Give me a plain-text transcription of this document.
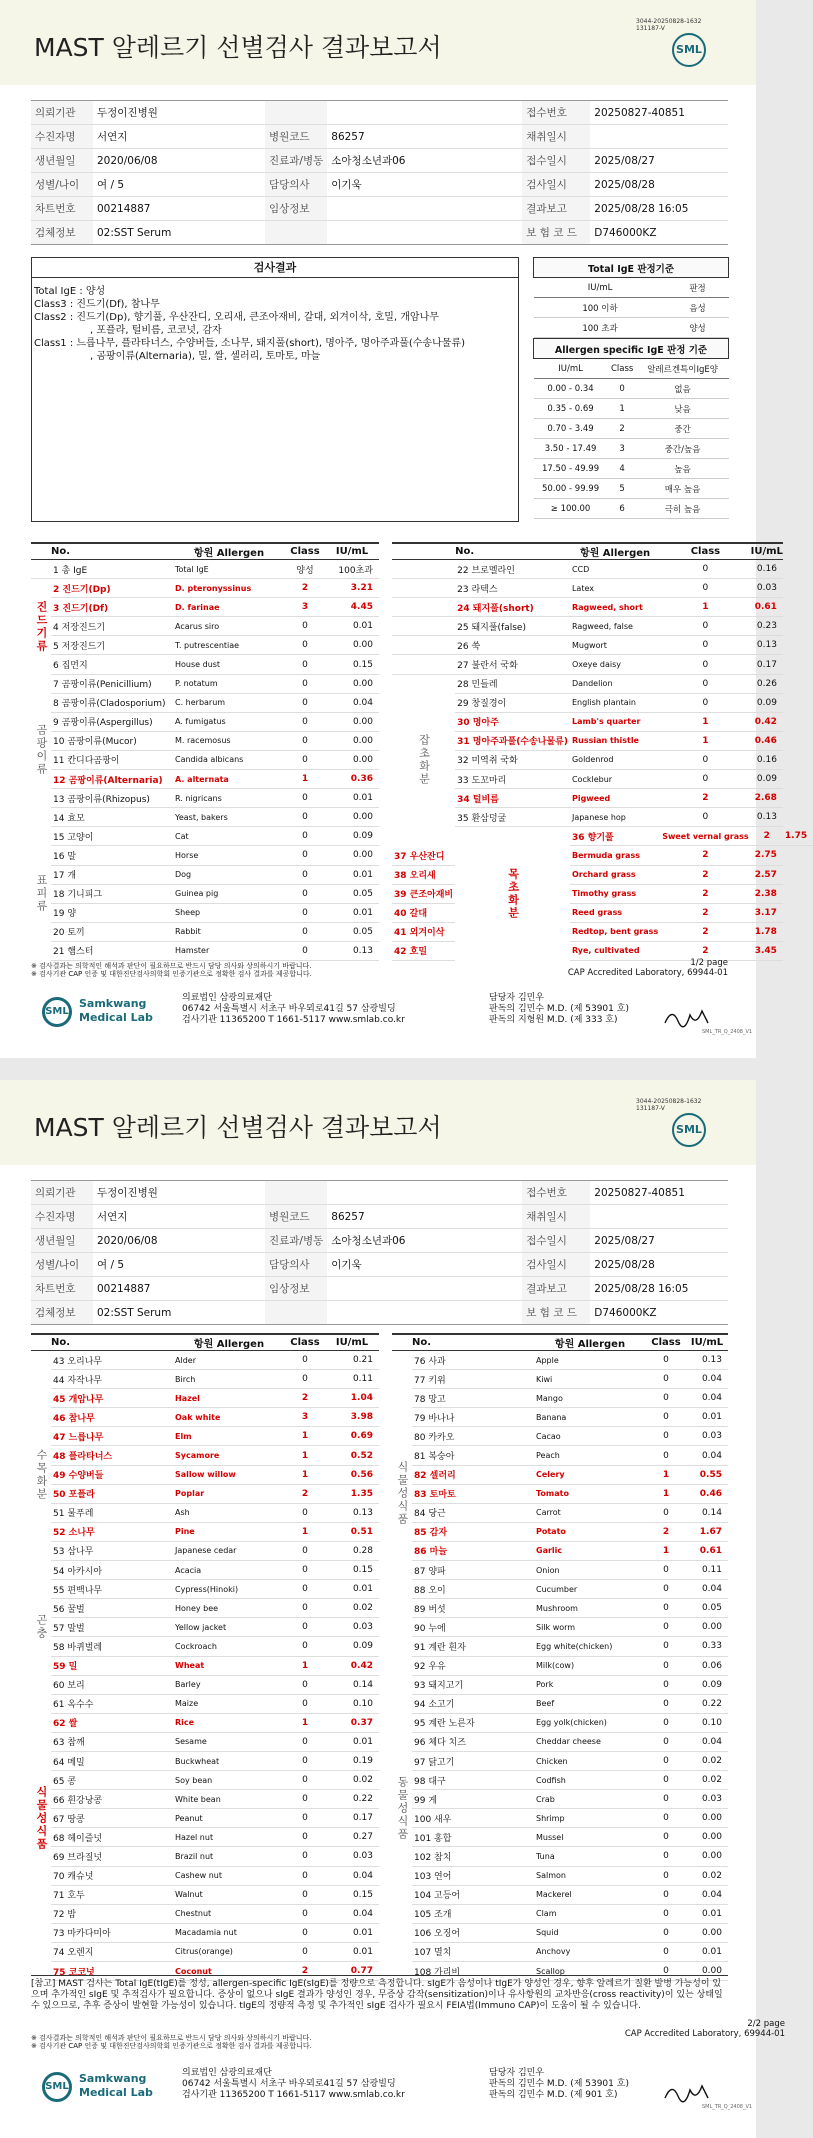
MAST 알레르기 선별검사 결과보고서
3044-20250828-1632
131187-V
SML
의뢰기관	두정이진병원			접수번호	20250827-40851
수진자명	서연지	병원코드	86257	채취일시	
생년월일	2020/06/08	진료과/병동	소아청소년과06	접수일시	2025/08/27
성별/나이	여 / 5	담당의사	이기욱	검사일시	2025/08/28
차트번호	00214887	임상정보		결과보고	2025/08/28 16:05
검체정보	02:SST Serum			보 험 코 드	D746000KZ
검사결과
Total IgE : 양성
Class3 : 진드기(Df), 참나무
Class2 : 진드기(Dp), 향기풀, 우산잔디, 오리새, 큰조아재비, 갈대, 외겨이삭, 호밀, 개암나무
, 포플라, 털비름, 코코넛, 감자
Class1 : 느릅나무, 플라타너스, 수양버들, 소나무, 돼지풀(short), 명아주, 명아주과풀(수송나물류)
, 곰팡이류(Alternaria), 밀, 쌀, 셀러리, 토마토, 마늘
Total IgE 판정기준	
IU/mL	판정
100 이하	음성
100 초과	양성
Allergen specific IgE 판정 기준		
IU/mL	Class	알레르겐특이IgE양
0.00 - 0.34	0	없음
0.35 - 0.69	1	낮음
0.70 - 3.49	2	중간
3.50 - 17.49	3	중간/높음
17.50 - 49.99	4	높음
50.00 - 99.99	5	매우 높음
≥ 100.00	6	극히 높음
	No.	항원 Allergen	Class	IU/mL
	1 총 IgE	Total IgE	양성	100초과
진드기류	2 진드기(Dp)	D. pteronyssinus	2	3.21
	3 진드기(Df)	D. farinae	3	4.45
	4 저장진드기	Acarus siro	0	0.01
	5 저장진드기	T. putrescentiae	0	0.00
	6 집먼지	House dust	0	0.15
곰팡이류	7 곰팡이류(Penicillium)	P. notatum	0	0.00
	8 곰팡이류(Cladosporium)	C. herbarum	0	0.04
	9 곰팡이류(Aspergillus)	A. fumigatus	0	0.00
	10 곰팡이류(Mucor)	M. racemosus	0	0.00
	11 칸디다곰팡이	Candida albicans	0	0.00
	12 곰팡이류(Alternaria)	A. alternata	1	0.36
	13 곰팡이류(Rhizopus)	R. nigricans	0	0.01
	14 효모	Yeast, bakers	0	0.00
표피류	15 고양이	Cat	0	0.09
	16 말	Horse	0	0.00
	17 개	Dog	0	0.01
	18 기니피그	Guinea pig	0	0.05
	19 양	Sheep	0	0.01
	20 토끼	Rabbit	0	0.05
	21 햄스터	Hamster	0	0.13
	No.	항원 Allergen	Class	IU/mL	
	22 브로멜라인	CCD	0	0.16	
	23 라텍스	Latex	0	0.03	
	24 돼지풀(short)	Ragweed, short	1	0.61	
	25 돼지풀(false)	Ragweed, false	0	0.23	
	26 쑥	Mugwort	0	0.13	
	27 불란서 국화	Oxeye daisy	0	0.17	
잡초화분	28 민들레	Dandelion	0	0.26	
	29 창질경이	English plantain	0	0.09	
	30 명아주	Lamb's quarter	1	0.42	
	31 명아주과풀(수송나물류)	Russian thistle	1	0.46	
	32 미역취 국화	Goldenrod	0	0.16	
	33 도꼬마리	Cocklebur	0	0.09	
	34 털비름	Pigweed	2	2.68	
	35 환삼덩굴	Japanese hop	0	0.13	
	목초화분	36 향기풀	Sweet vernal grass	2	1.75
37 우산잔디		Bermuda grass	2	2.75	
38 오리새		Orchard grass	2	2.57	
39 큰조아재비		Timothy grass	2	2.38	
40 갈대		Reed grass	2	3.17	
41 외겨이삭		Redtop, bent grass	2	1.78	
42 호밀		Rye, cultivated	2	3.45	
※ 검사결과는 의학적인 해석과 판단이 필요하므로 반드시 담당 의사와 상의하시기 바랍니다.
※ 검사기관 CAP 인증 및 대한진단검사의학회 인증기관으로 정확한 검사 결과를 제공합니다.
1/2 page
CAP Accredited Laboratory, 69944-01
SML
Samkwang
Medical Lab
의료법인 삼광의료재단
06742 서울특별시 서초구 바우뫼로41길 57 삼광빌딩
검사기관 11365200 T 1661-5117 www.smlab.co.kr
담당자 김민우
판독의 김민수 M.D. (제 53901 호)
판독의 지형원 M.D. (제 333 호)
SML_TR_Q_2408_V1
MAST 알레르기 선별검사 결과보고서
3044-20250828-1632
131187-V
SML
의뢰기관	두정이진병원			접수번호	20250827-40851
수진자명	서연지	병원코드	86257	채취일시	
생년월일	2020/06/08	진료과/병동	소아청소년과06	접수일시	2025/08/27
성별/나이	여 / 5	담당의사	이기욱	검사일시	2025/08/28
차트번호	00214887	임상정보		결과보고	2025/08/28 16:05
검체정보	02:SST Serum			보 험 코 드	D746000KZ
	No.	항원 Allergen	Class	IU/mL
수목화분	43 오리나무	Alder	0	0.21
	44 자작나무	Birch	0	0.11
	45 개암나무	Hazel	2	1.04
	46 참나무	Oak white	3	3.98
	47 느릅나무	Elm	1	0.69
	48 플라타너스	Sycamore	1	0.52
	49 수양버들	Sallow willow	1	0.56
	50 포플라	Poplar	2	1.35
	51 물푸레	Ash	0	0.13
	52 소나무	Pine	1	0.51
	53 삼나무	Japanese cedar	0	0.28
	54 아카시아	Acacia	0	0.15
	55 편백나무	Cypress(Hinoki)	0	0.01
곤충	56 꿀벌	Honey bee	0	0.02
	57 말벌	Yellow jacket	0	0.03
	58 바퀴벌레	Cockroach	0	0.09
식물성식품	59 밀	Wheat	1	0.42
	60 보리	Barley	0	0.14
	61 옥수수	Maize	0	0.10
	62 쌀	Rice	1	0.37
	63 참깨	Sesame	0	0.01
	64 메밀	Buckwheat	0	0.19
	65 콩	Soy bean	0	0.02
	66 흰강낭콩	White bean	0	0.22
	67 땅콩	Peanut	0	0.17
	68 헤이즐넛	Hazel nut	0	0.27
	69 브라질넛	Brazil nut	0	0.03
	70 캐슈넛	Cashew nut	0	0.04
	71 호두	Walnut	0	0.15
	72 밤	Chestnut	0	0.04
	73 마카다미아	Macadamia nut	0	0.01
	74 오렌지	Citrus(orange)	0	0.01
	75 코코넛	Coconut	2	0.77
	No.	항원 Allergen	Class	IU/mL
식물성식품	76 사과	Apple	0	0.13
	77 키위	Kiwi	0	0.04
	78 망고	Mango	0	0.04
	79 바나나	Banana	0	0.01
	80 카카오	Cacao	0	0.03
	81 복숭아	Peach	0	0.04
	82 셀러리	Celery	1	0.55
	83 토마토	Tomato	1	0.46
	84 당근	Carrot	0	0.14
	85 감자	Potato	2	1.67
	86 마늘	Garlic	1	0.61
	87 양파	Onion	0	0.11
	88 오이	Cucumber	0	0.04
	89 버섯	Mushroom	0	0.05
	90 누에	Silk worm	0	0.00
동물성식품	91 계란 흰자	Egg white(chicken)	0	0.33
	92 우유	Milk(cow)	0	0.06
	93 돼지고기	Pork	0	0.09
	94 소고기	Beef	0	0.22
	95 계란 노른자	Egg yolk(chicken)	0	0.10
	96 체다 치즈	Cheddar cheese	0	0.04
	97 닭고기	Chicken	0	0.02
	98 대구	Codfish	0	0.02
	99 게	Crab	0	0.03
	100 새우	Shrimp	0	0.00
	101 홍합	Mussel	0	0.00
	102 참치	Tuna	0	0.00
	103 연어	Salmon	0	0.02
	104 고등어	Mackerel	0	0.04
	105 조개	Clam	0	0.01
	106 오징어	Squid	0	0.00
	107 멸치	Anchovy	0	0.01
	108 가리비	Scallop	0	0.00
[참고] MAST 검사는 Total IgE(tIgE)를 정성, allergen-specific IgE(sIgE)를 정량으로 측정합니다. sIgE가 음성이나 tIgE가 양성인 경우, 향후 알레르기 질환 발병 가능성이 있으며 추가적인 sIgE 및 추적검사가 필요합니다. 증상이 없으나 sIgE 결과가 양성인 경우, 무증상 감작(sensitization)이나 유사항원의 교차반응(cross reactivity)이 있는 상태일 수 있으므로, 추후 증상이 발현할 가능성이 있습니다. tIgE의 정량적 측정 및 추가적인 sIgE 검사가 필요시 FEIA법(Immuno CAP)이 도움이 될 수 있습니다.
2/2 page
CAP Accredited Laboratory, 69944-01
※ 검사결과는 의학적인 해석과 판단이 필요하므로 반드시 담당 의사와 상의하시기 바랍니다.
※ 검사기관 CAP 인증 및 대한진단검사의학회 인증기관으로 정확한 검사 결과를 제공합니다.
SML
Samkwang
Medical Lab
의료법인 삼광의료재단
06742 서울특별시 서초구 바우뫼로41길 57 삼광빌딩
검사기관 11365200 T 1661-5117 www.smlab.co.kr
담당자 김민우
판독의 김민수 M.D. (제 53901 호)
판독의 김민수 M.D. (제 901 호)
SML_TR_Q_2408_V1
